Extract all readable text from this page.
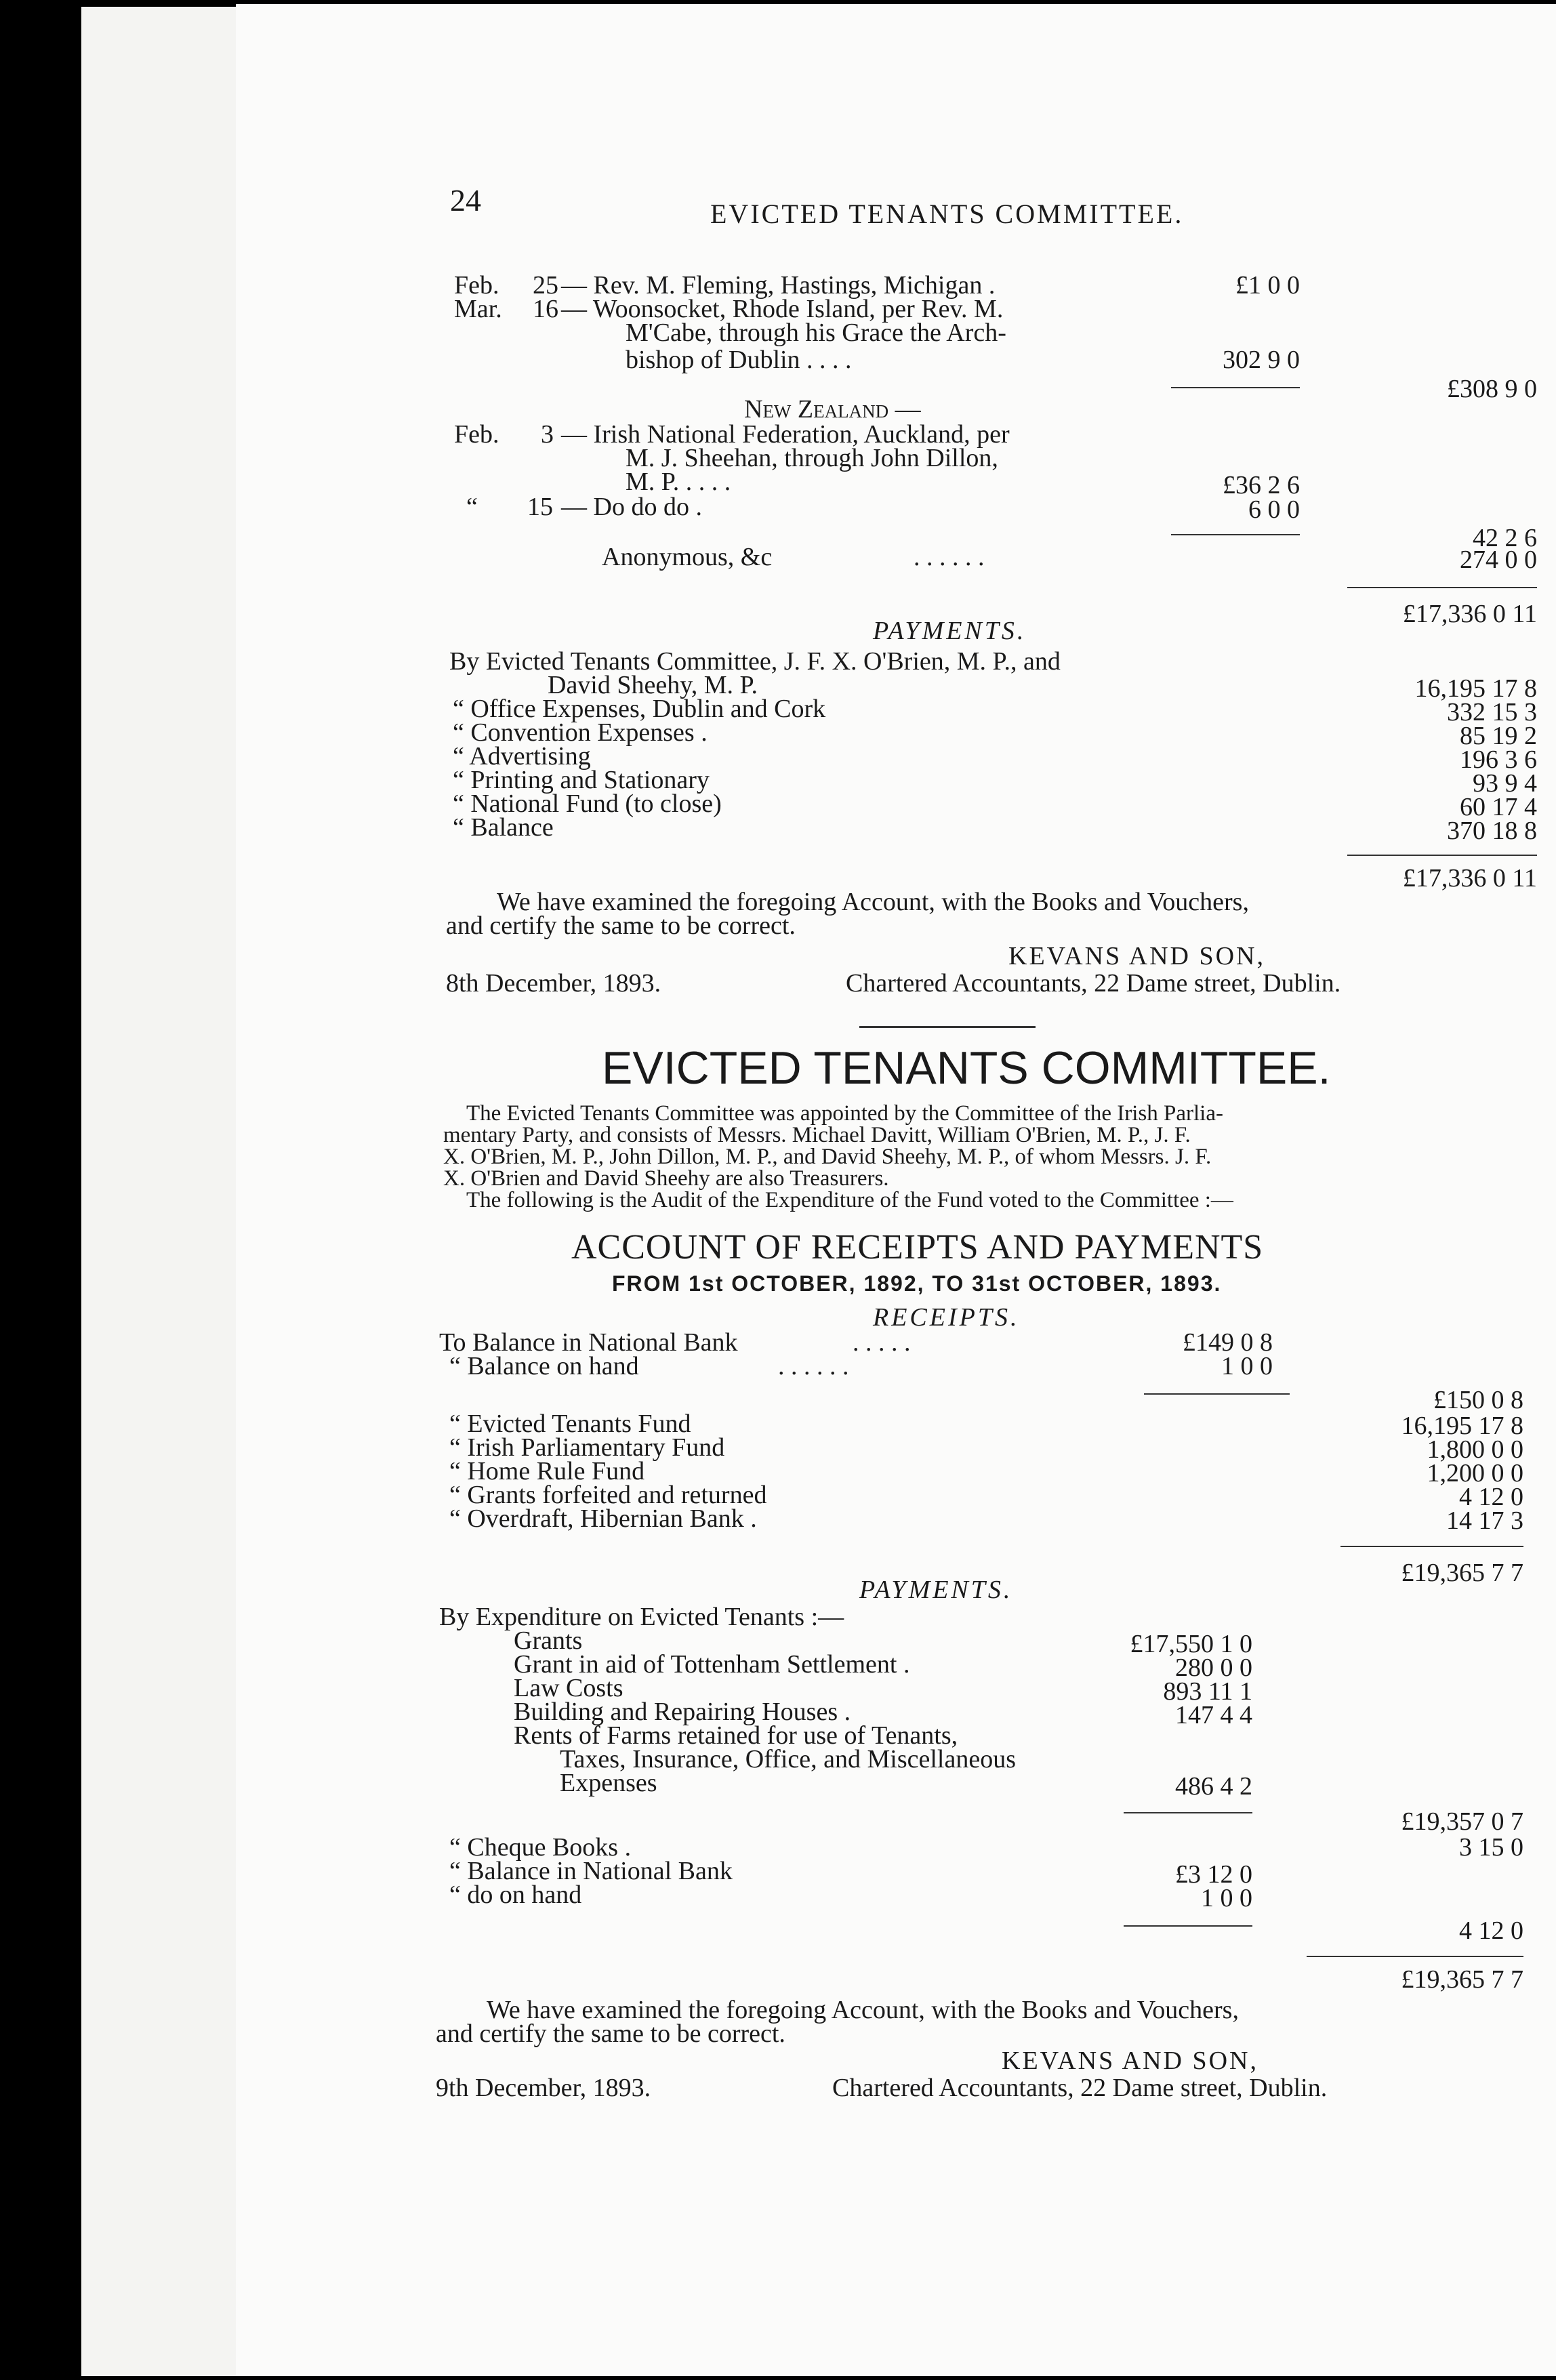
24	EVICTED TENANTS COMMITTEE.
Feb. 25 — Rev. M. Fleming, Hastings, Michigan .	£1 0 0
Mar. 16 — Woonsocket, Rhode Island, per Rev. M.
M'Cabe, through his Grace the Arch-
bishop of Dublin . . . .	302 9 0
£308 9 0
New Zealand —
Feb. 3 — Irish National Federation, Auckland, per
M. J. Sheehan, through John Dillon,
M. P. . . . .	£36 2 6
“ 15 — Do do do .	6 0 0
42 2 6
Anonymous, &c	. . . . . .	274 0 0
£17,336 0 11
PAYMENTS.
By Evicted Tenants Committee, J. F. X. O'Brien, M. P., and
David Sheehy, M. P.	16,195 17 8
“ Office Expenses, Dublin and Cork	332 15 3
“ Convention Expenses .	85 19 2
“ Advertising	196 3 6
“ Printing and Stationary	93 9 4
“ National Fund (to close)	60 17 4
“ Balance	370 18 8
£17,336 0 11
We have examined the foregoing Account, with the Books and Vouchers,
and certify the same to be correct.
KEVANS AND SON,
8th December, 1893.	Chartered Accountants, 22 Dame street, Dublin.
EVICTED TENANTS COMMITTEE.
The Evicted Tenants Committee was appointed by the Committee of the Irish Parlia-
mentary Party, and consists of Messrs. Michael Davitt, William O'Brien, M. P., J. F.
X. O'Brien, M. P., John Dillon, M. P., and David Sheehy, M. P., of whom Messrs. J. F.
X. O'Brien and David Sheehy are also Treasurers.
The following is the Audit of the Expenditure of the Fund voted to the Committee :—
ACCOUNT OF RECEIPTS AND PAYMENTS
FROM 1st OCTOBER, 1892, TO 31st OCTOBER, 1893.
RECEIPTS.
To Balance in National Bank	. . . . .	£149 0 8
“ Balance on hand	. . . . . .	1 0 0
£150 0 8
“ Evicted Tenants Fund	16,195 17 8
“ Irish Parliamentary Fund	1,800 0 0
“ Home Rule Fund	1,200 0 0
“ Grants forfeited and returned	4 12 0
“ Overdraft, Hibernian Bank .	14 17 3
£19,365 7 7
PAYMENTS.
By Expenditure on Evicted Tenants :—
Grants	£17,550 1 0
Grant in aid of Tottenham Settlement .	280 0 0
Law Costs	893 11 1
Building and Repairing Houses .	147 4 4
Rents of Farms retained for use of Tenants,
Taxes, Insurance, Office, and Miscellaneous
Expenses	486 4 2
£19,357 0 7
“ Cheque Books .	3 15 0
“ Balance in National Bank	£3 12 0
“ do on hand	1 0 0
4 12 0
£19,365 7 7
We have examined the foregoing Account, with the Books and Vouchers,
and certify the same to be correct.
KEVANS AND SON,
9th December, 1893.	Chartered Accountants, 22 Dame street, Dublin.
